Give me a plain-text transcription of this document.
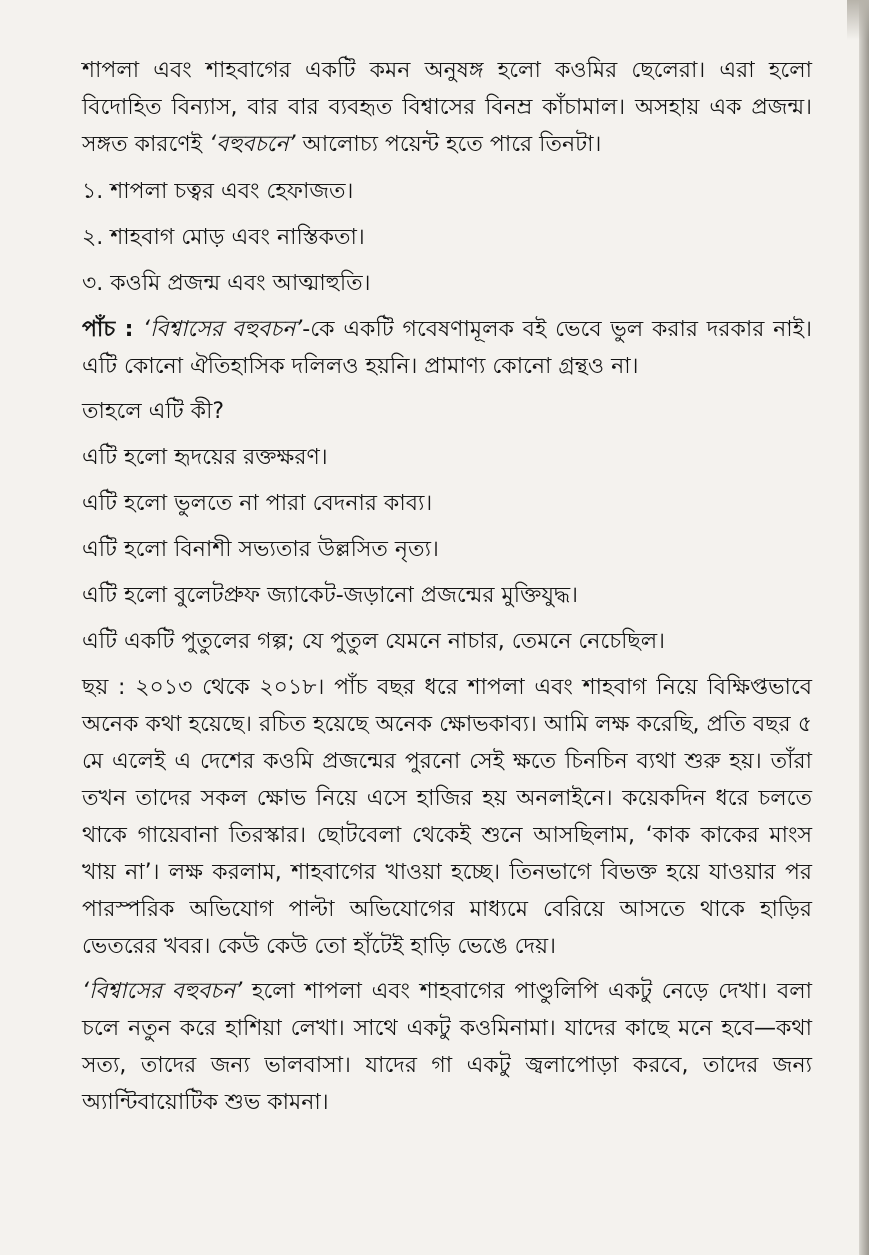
শাপলা এবং শাহবাগের একটি কমন অনুষঙ্গ হলো কওমির ছেলেরা। এরা হলো বিদোহিত বিন্যাস, বার বার ব্যবহৃত বিশ্বাসের বিনম্র কাঁচামাল। অসহায় এক প্রজন্ম। সঙ্গত কারণেই ‘বহুবচনে’ আলোচ্য পয়েন্ট হতে পারে তিনটা।

১. শাপলা চত্বর এবং হেফাজত।

২. শাহবাগ মোড় এবং নাস্তিকতা।

৩. কওমি প্রজন্ম এবং আত্মাহুতি।

পাঁচ : ‘বিশ্বাসের বহুবচন’-কে একটি গবেষণামূলক বই ভেবে ভুল করার দরকার নাই। এটি কোনো ঐতিহাসিক দলিলও হয়নি। প্রামাণ্য কোনো গ্রন্থও না।

তাহলে এটি কী?

এটি হলো হৃদয়ের রক্তক্ষরণ।

এটি হলো ভুলতে না পারা বেদনার কাব্য।

এটি হলো বিনাশী সভ্যতার উল্লসিত নৃত্য।

এটি হলো বুলেটপ্রুফ জ্যাকেট-জড়ানো প্রজন্মের মুক্তিযুদ্ধ।

এটি একটি পুতুলের গল্প; যে পুতুল যেমনে নাচার, তেমনে নেচেছিল।

ছয় : ২০১৩ থেকে ২০১৮। পাঁচ বছর ধরে শাপলা এবং শাহবাগ নিয়ে বিক্ষিপ্তভাবে অনেক কথা হয়েছে। রচিত হয়েছে অনেক ক্ষোভকাব্য। আমি লক্ষ করেছি, প্রতি বছর ৫ মে এলেই এ দেশের কওমি প্রজন্মের পুরনো সেই ক্ষতে চিনচিন ব্যথা শুরু হয়। তাঁরা তখন তাদের সকল ক্ষোভ নিয়ে এসে হাজির হয় অনলাইনে। কয়েকদিন ধরে চলতে থাকে গায়েবানা তিরস্কার। ছোটবেলা থেকেই শুনে আসছিলাম, ‘কাক কাকের মাংস খায় না’। লক্ষ করলাম, শাহবাগের খাওয়া হচ্ছে। তিনভাগে বিভক্ত হয়ে যাওয়ার পর পারস্পরিক অভিযোগ পাল্টা অভিযোগের মাধ্যমে বেরিয়ে আসতে থাকে হাড়ির ভেতরের খবর। কেউ কেউ তো হাঁটেই হাড়ি ভেঙে দেয়।

‘বিশ্বাসের বহুবচন’ হলো শাপলা এবং শাহবাগের পাণ্ডুলিপি একটু নেড়ে দেখা। বলা চলে নতুন করে হাশিয়া লেখা। সাথে একটু কওমিনামা। যাদের কাছে মনে হবে—কথা সত্য, তাদের জন্য ভালবাসা। যাদের গা একটু জ্বলাপোড়া করবে, তাদের জন্য অ্যান্টিবায়োটিক শুভ কামনা।
